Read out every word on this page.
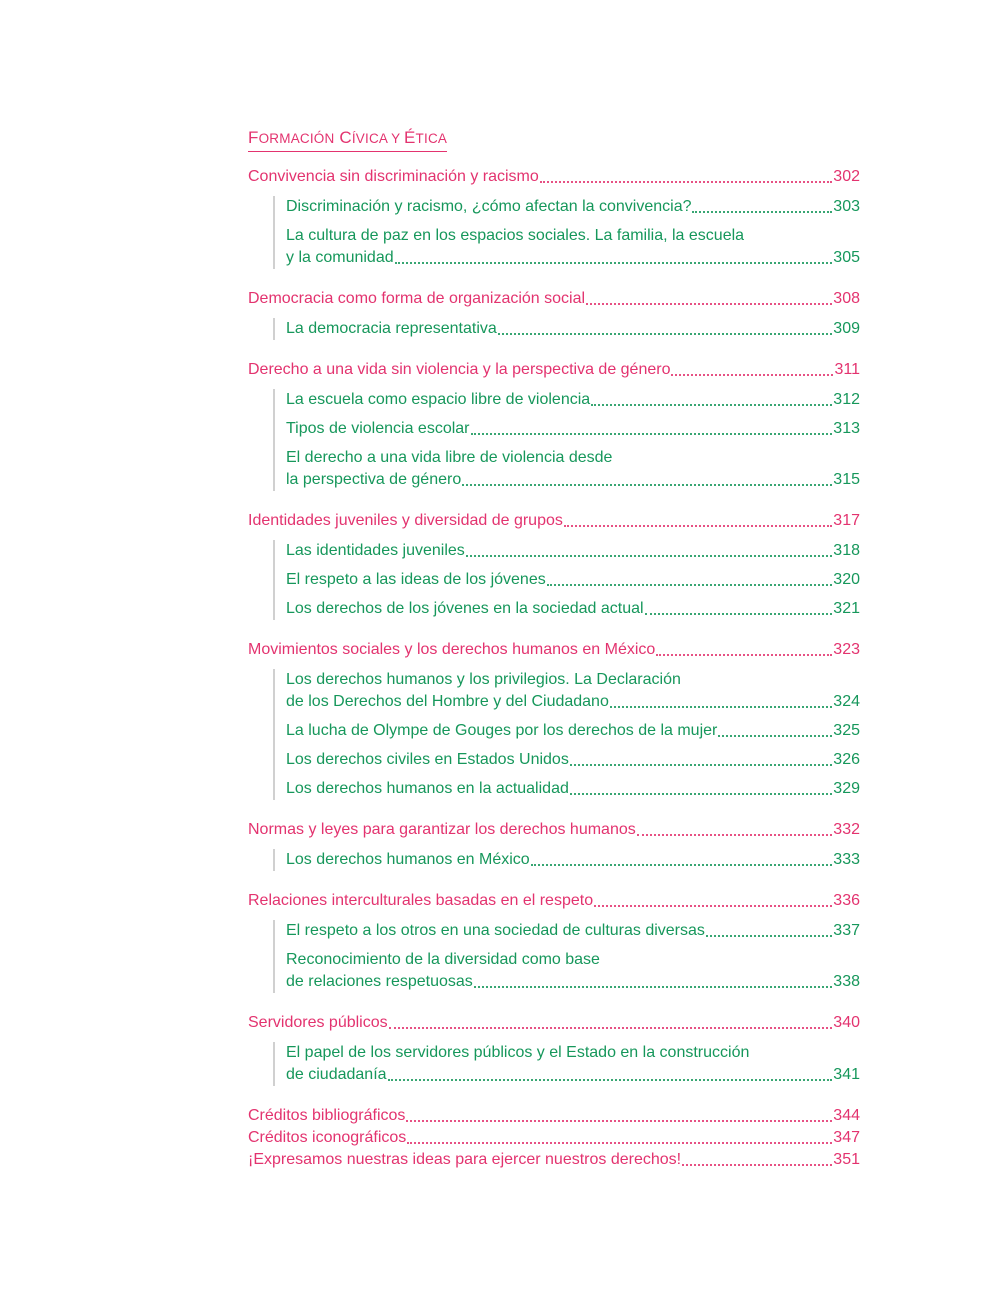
FORMACIÓN CÍVICA Y ÉTICA
Convivencia sin discriminación y racismo	302
Discriminación y racismo, ¿cómo afectan la convivencia?	303
La cultura de paz en los espacios sociales. La familia, la escuela
y la comunidad	305
Democracia como forma de organización social	308
La democracia representativa	309
Derecho a una vida sin violencia y la perspectiva de género	311
La escuela como espacio libre de violencia	312
Tipos de violencia escolar	313
El derecho a una vida libre de violencia desde
la perspectiva de género	315
Identidades juveniles y diversidad de grupos	317
Las identidades juveniles	318
El respeto a las ideas de los jóvenes	320
Los derechos de los jóvenes en la sociedad actual	321
Movimientos sociales y los derechos humanos en México	323
Los derechos humanos y los privilegios. La Declaración
de los Derechos del Hombre y del Ciudadano	324
La lucha de Olympe de Gouges por los derechos de la mujer	325
Los derechos civiles en Estados Unidos	326
Los derechos humanos en la actualidad	329
Normas y leyes para garantizar los derechos humanos	332
Los derechos humanos en México	333
Relaciones interculturales basadas en el respeto	336
El respeto a los otros en una sociedad de culturas diversas	337
Reconocimiento de la diversidad como base
de relaciones respetuosas	338
Servidores públicos	340
El papel de los servidores públicos y el Estado en la construcción
de ciudadanía	341
Créditos bibliográficos	344
Créditos iconográficos	347
¡Expresamos nuestras ideas para ejercer nuestros derechos!	351
